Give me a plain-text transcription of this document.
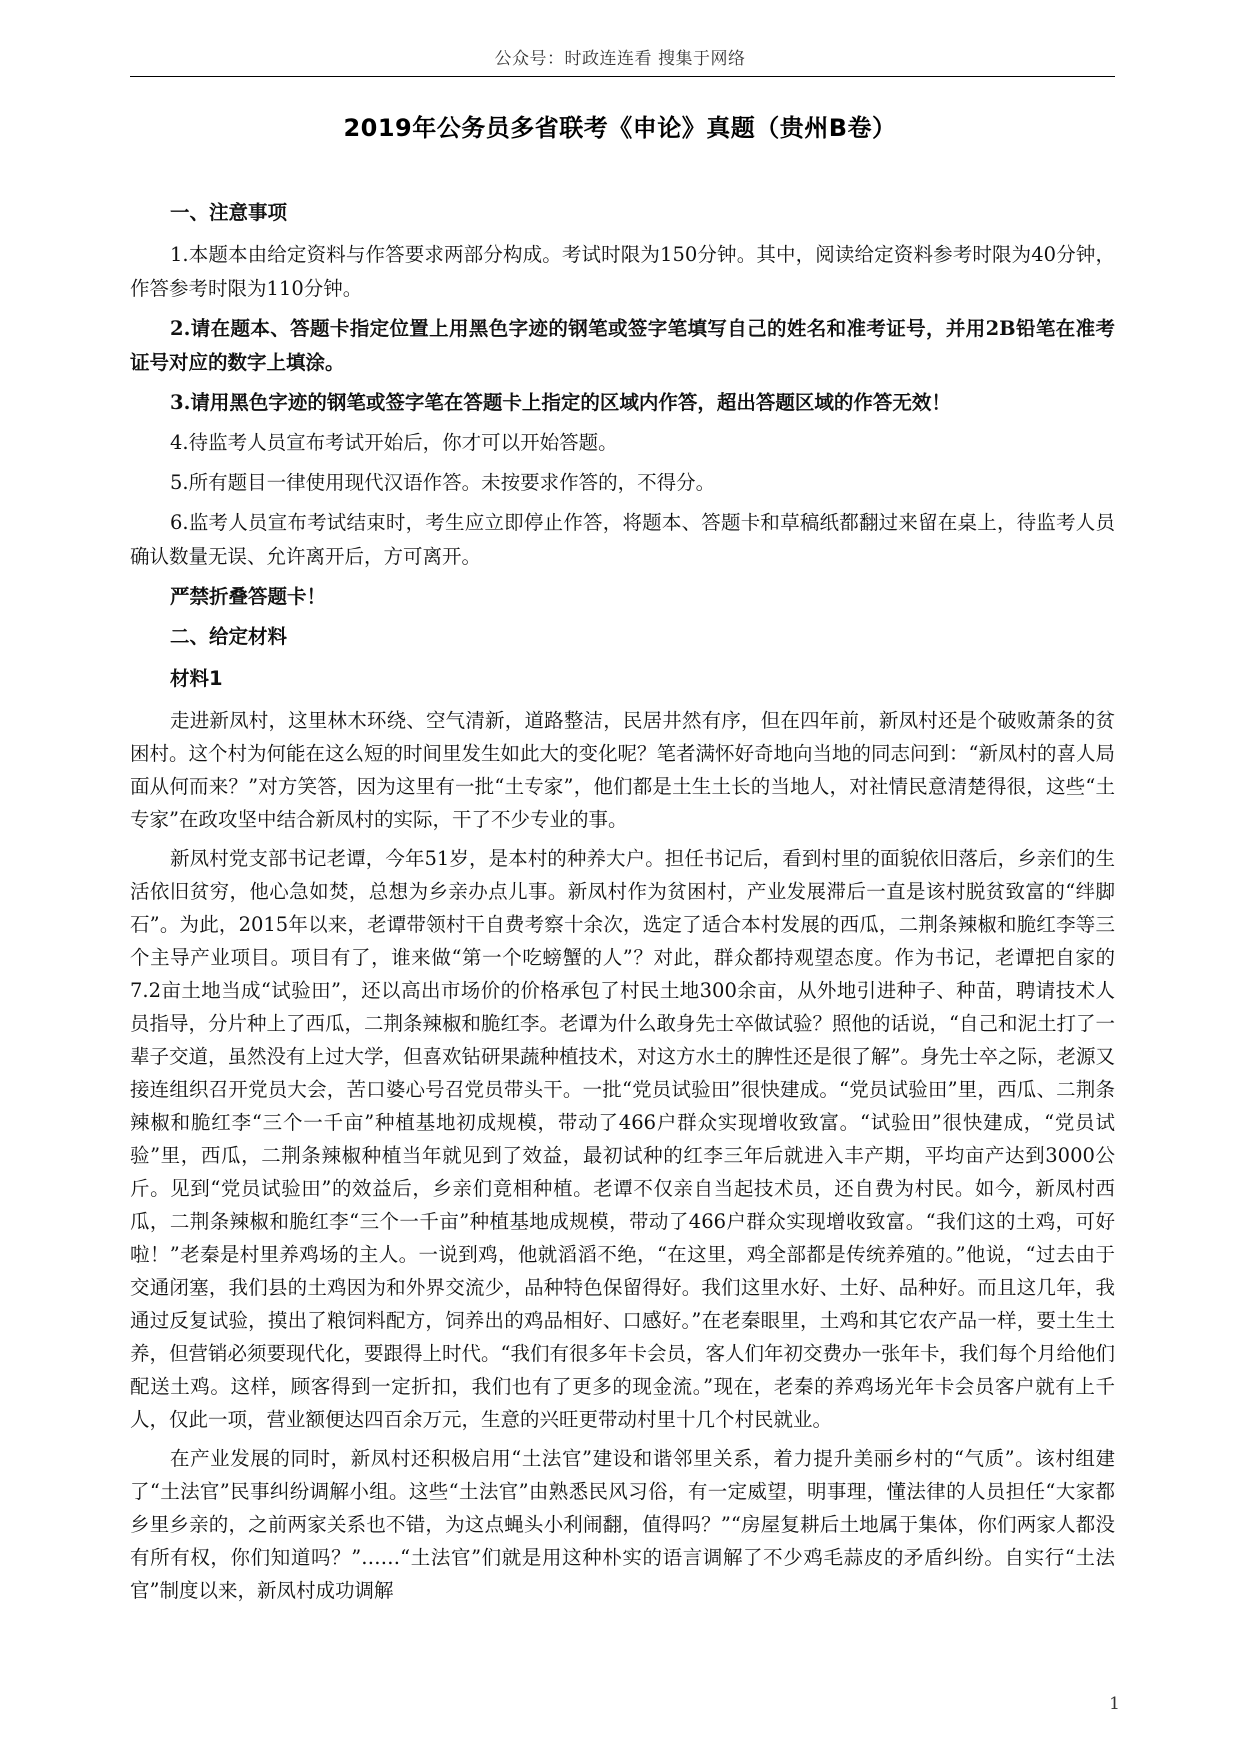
公众号：时政连连看 搜集于网络
2019年公务员多省联考《申论》真题（贵州B卷）

一、注意事项

1.本题本由给定资料与作答要求两部分构成。考试时限为150分钟。其中，阅读给定资料参考时限为40分钟，作答参考时限为110分钟。

2.请在题本、答题卡指定位置上用黑色字迹的钢笔或签字笔填写自己的姓名和准考证号，并用2B铅笔在准考证号对应的数字上填涂。

3.请用黑色字迹的钢笔或签字笔在答题卡上指定的区域内作答，超出答题区域的作答无效！

4.待监考人员宣布考试开始后，你才可以开始答题。

5.所有题目一律使用现代汉语作答。未按要求作答的，不得分。

6.监考人员宣布考试结束时，考生应立即停止作答，将题本、答题卡和草稿纸都翻过来留在桌上，待监考人员确认数量无误、允许离开后，方可离开。

严禁折叠答题卡！

二、给定材料

材料1

走进新凤村，这里林木环绕、空气清新，道路整洁，民居井然有序，但在四年前，新凤村还是个破败萧条的贫困村。这个村为何能在这么短的时间里发生如此大的变化呢？笔者满怀好奇地向当地的同志问到：“新凤村的喜人局面从何而来？”对方笑答，因为这里有一批“土专家”，他们都是土生土长的当地人，对社情民意清楚得很，这些“土专家”在政攻坚中结合新凤村的实际，干了不少专业的事。

新凤村党支部书记老谭，今年51岁，是本村的种养大户。担任书记后，看到村里的面貌依旧落后，乡亲们的生活依旧贫穷，他心急如焚，总想为乡亲办点儿事。新凤村作为贫困村，产业发展滞后一直是该村脱贫致富的“绊脚石”。为此，2015年以来，老谭带领村干自费考察十余次，选定了适合本村发展的西瓜，二荆条辣椒和脆红李等三个主导产业项目。项目有了，谁来做“第一个吃螃蟹的人”？对此，群众都持观望态度。作为书记，老谭把自家的7.2亩土地当成“试验田”，还以高出市场价的价格承包了村民土地300余亩，从外地引进种子、种苗，聘请技术人员指导，分片种上了西瓜，二荆条辣椒和脆红李。老谭为什么敢身先士卒做试验？照他的话说，“自己和泥土打了一辈子交道，虽然没有上过大学，但喜欢钻研果蔬种植技术，对这方水土的脾性还是很了解”。身先士卒之际，老源又接连组织召开党员大会，苦口婆心号召党员带头干。一批“党员试验田”很快建成。“党员试验田”里，西瓜、二荆条辣椒和脆红李“三个一千亩”种植基地初成规模，带动了466户群众实现增收致富。“试验田”很快建成，“党员试验”里，西瓜，二荆条辣椒种植当年就见到了效益，最初试种的红李三年后就进入丰产期，平均亩产达到3000公斤。见到“党员试验田”的效益后，乡亲们竟相种植。老谭不仅亲自当起技术员，还自费为村民。如今，新凤村西瓜，二荆条辣椒和脆红李“三个一千亩”种植基地成规模，带动了466户群众实现增收致富。“我们这的土鸡，可好啦！”老秦是村里养鸡场的主人。一说到鸡，他就滔滔不绝，“在这里，鸡全部都是传统养殖的。”他说，“过去由于交通闭塞，我们县的土鸡因为和外界交流少，品种特色保留得好。我们这里水好、土好、品种好。而且这几年，我通过反复试验，摸出了粮饲料配方，饲养出的鸡品相好、口感好。”在老秦眼里，土鸡和其它农产品一样，要土生土养，但营销必须要现代化，要跟得上时代。“我们有很多年卡会员，客人们年初交费办一张年卡，我们每个月给他们配送土鸡。这样，顾客得到一定折扣，我们也有了更多的现金流。”现在，老秦的养鸡场光年卡会员客户就有上千人，仅此一项，营业额便达四百余万元，生意的兴旺更带动村里十几个村民就业。

在产业发展的同时，新凤村还积极启用“土法官”建设和谐邻里关系，着力提升美丽乡村的“气质”。该村组建了“土法官”民事纠纷调解小组。这些“土法官”由熟悉民风习俗，有一定威望，明事理，懂法律的人员担任“大家都乡里乡亲的，之前两家关系也不错，为这点蝇头小利闹翻，值得吗？”“房屋复耕后土地属于集体，你们两家人都没有所有权，你们知道吗？”……“土法官”们就是用这种朴实的语言调解了不少鸡毛蒜皮的矛盾纠纷。自实行“土法官”制度以来，新凤村成功调解

1
